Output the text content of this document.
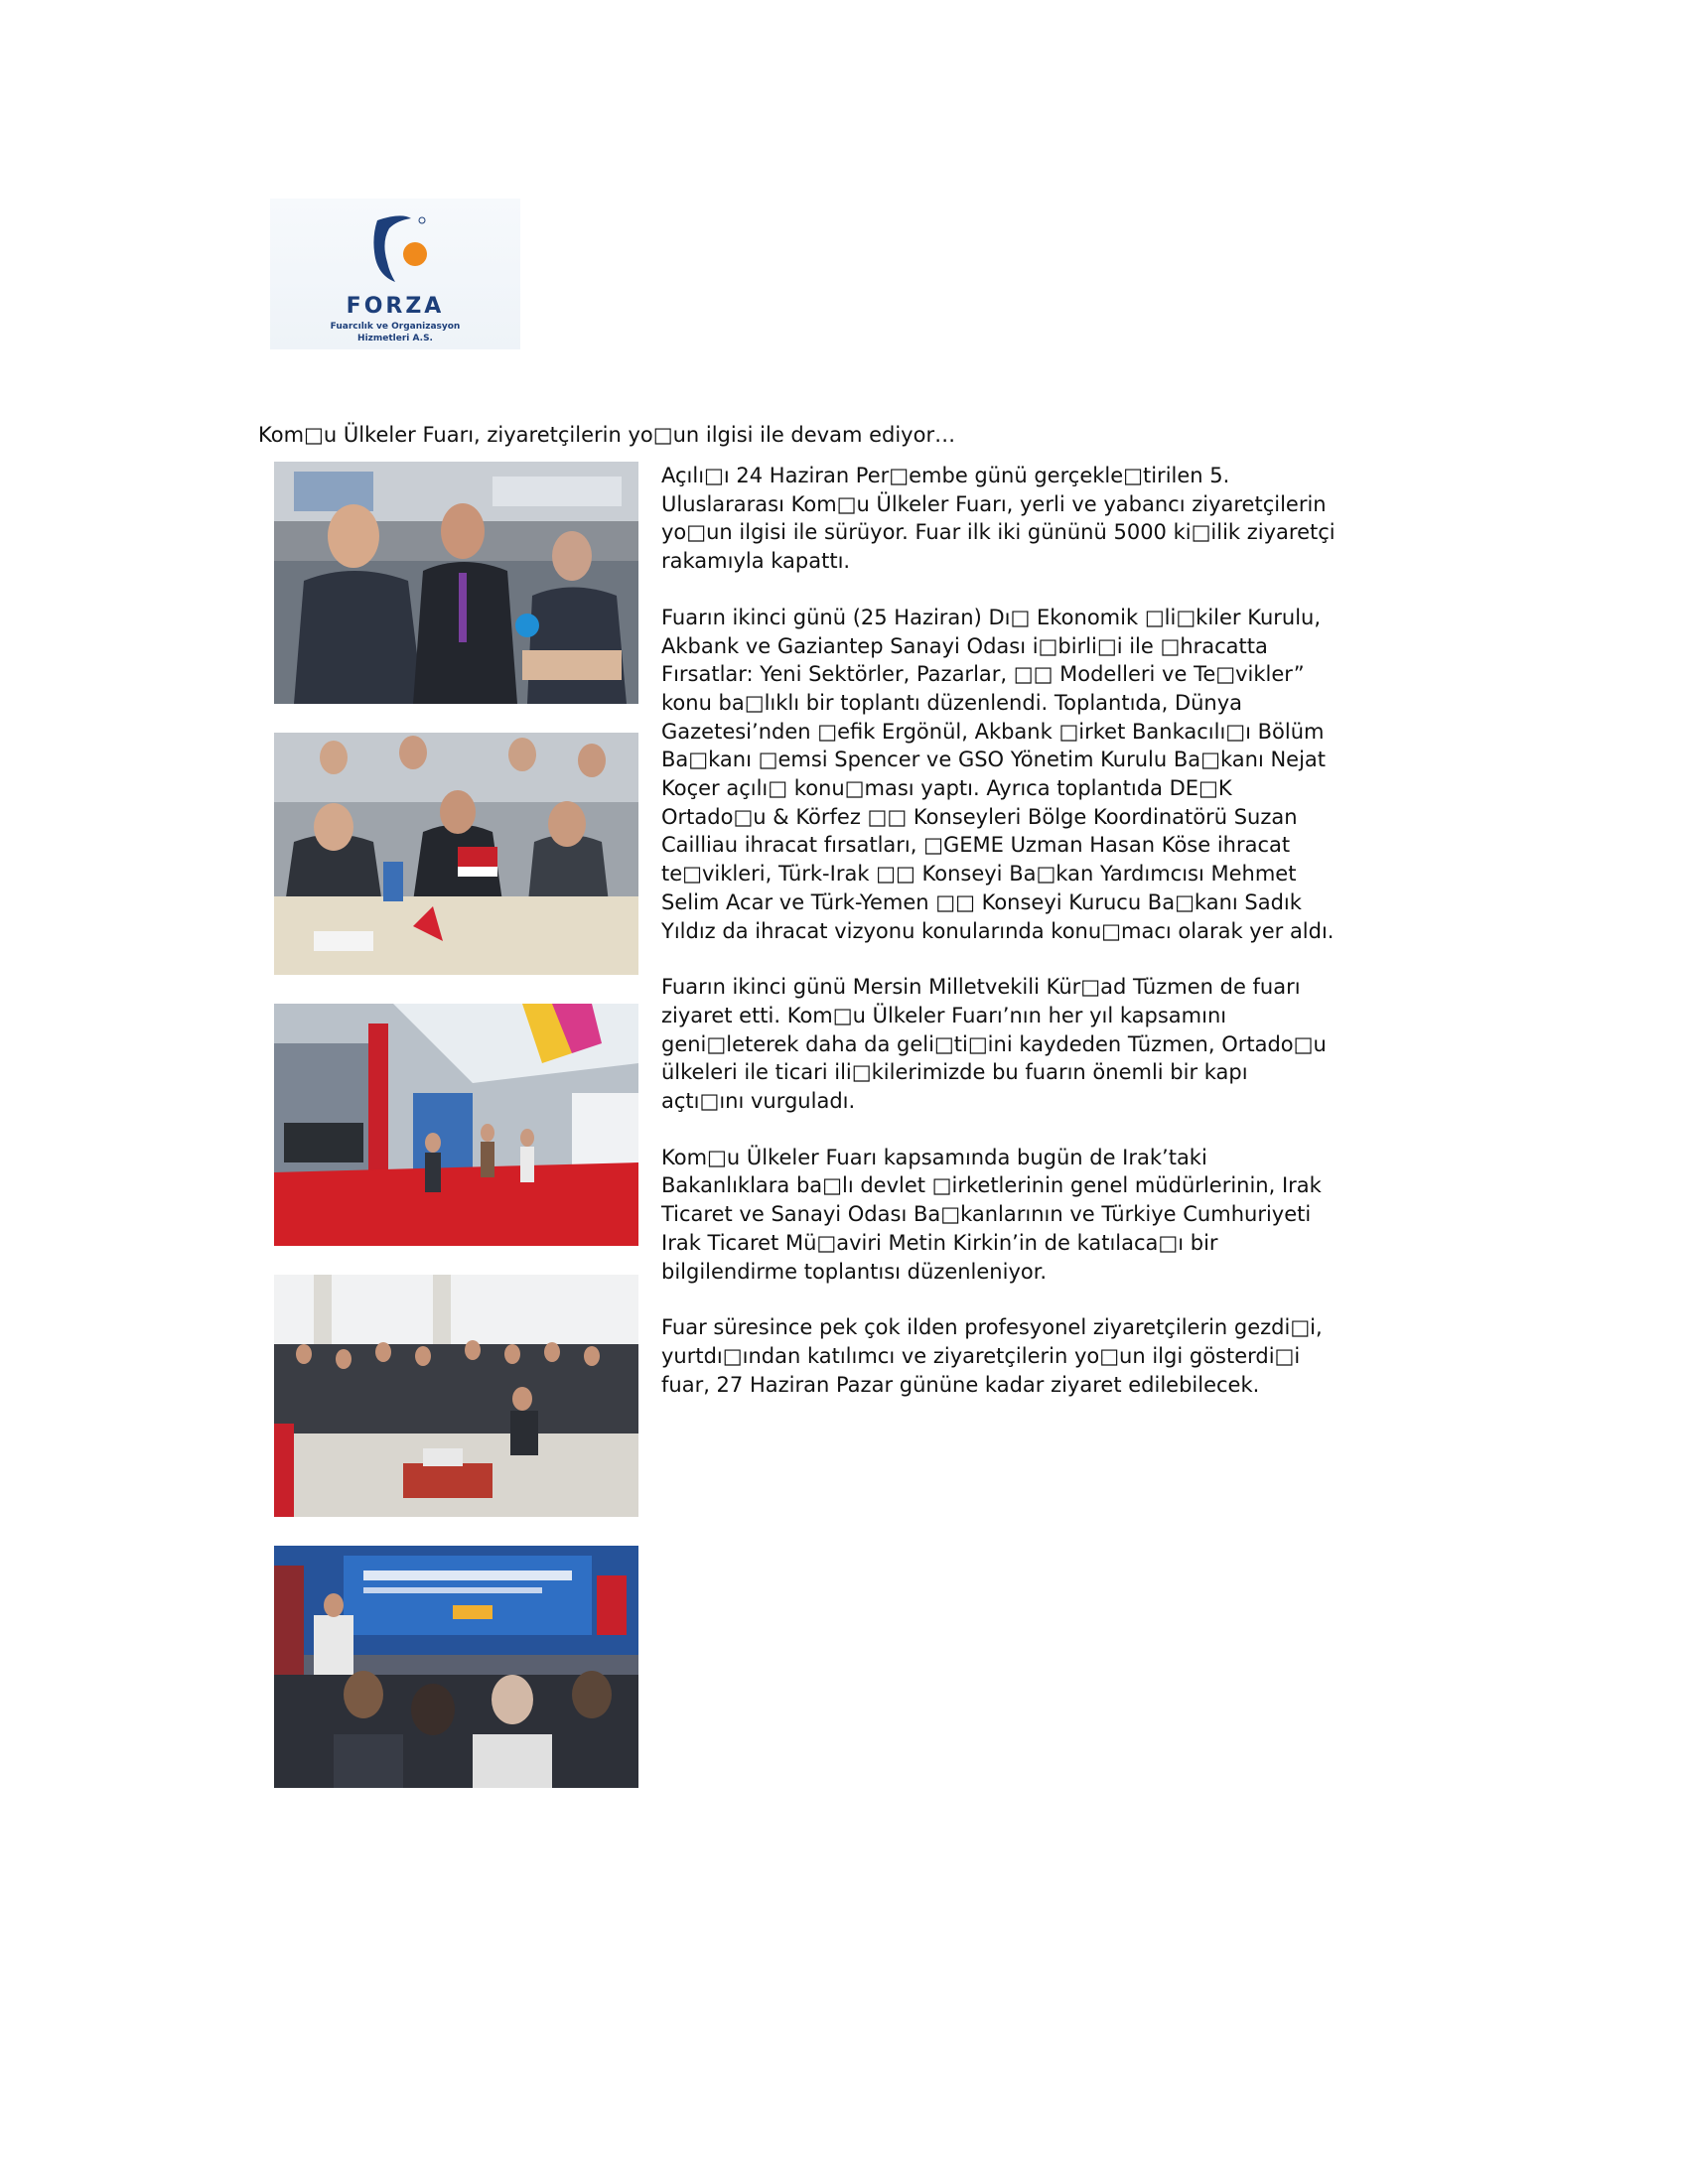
FORZA
Fuarcılık ve Organizasyon
Hizmetleri A.S.
Kom□u Ülkeler Fuarı, ziyaretçilerin yo□un ilgisi ile devam ediyor…

Açılı□ı 24 Haziran Per□embe günü gerçekle□tirilen 5. Uluslararası Kom□u Ülkeler Fuarı, yerli ve yabancı ziyaretçilerin yo□un ilgisi ile sürüyor. Fuar ilk iki gününü 5000 ki□ilik ziyaretçi rakamıyla kapattı.

Fuarın ikinci günü (25 Haziran) Dı□ Ekonomik □li□kiler Kurulu, Akbank ve Gaziantep Sanayi Odası i□birli□i ile □hracatta Fırsatlar: Yeni Sektörler, Pazarlar, □□ Modelleri ve Te□vikler” konu ba□lıklı bir toplantı düzenlendi. Toplantıda, Dünya Gazetesi’nden □efik Ergönül, Akbank □irket Bankacılı□ı Bölüm Ba□kanı □emsi Spencer ve GSO Yönetim Kurulu Ba□kanı Nejat Koçer açılı□ konu□ması yaptı. Ayrıca toplantıda DE□K Ortado□u & Körfez □□ Konseyleri Bölge Koordinatörü Suzan Cailliau ihracat fırsatları, □GEME Uzman Hasan Köse ihracat te□vikleri, Türk-Irak □□ Konseyi Ba□kan Yardımcısı Mehmet Selim Acar ve Türk-Yemen □□ Konseyi Kurucu Ba□kanı Sadık Yıldız da ihracat vizyonu konularında konu□macı olarak yer aldı.

Fuarın ikinci günü Mersin Milletvekili Kür□ad Tüzmen de fuarı ziyaret etti. Kom□u Ülkeler Fuarı’nın her yıl kapsamını geni□leterek daha da geli□ti□ini kaydeden Tüzmen, Ortado□u ülkeleri ile ticari ili□kilerimizde bu fuarın önemli bir kapı açtı□ını vurguladı.

Kom□u Ülkeler Fuarı kapsamında bugün de Irak’taki Bakanlıklara ba□lı devlet □irketlerinin genel müdürlerinin, Irak Ticaret ve Sanayi Odası Ba□kanlarının ve Türkiye Cumhuriyeti Irak Ticaret Mü□aviri Metin Kirkin’in de katılaca□ı bir bilgilendirme toplantısı düzenleniyor.

Fuar süresince pek çok ilden profesyonel ziyaretçilerin gezdi□i, yurtdı□ından katılımcı ve ziyaretçilerin yo□un ilgi gösterdi□i fuar, 27 Haziran Pazar gününe kadar ziyaret edilebilecek.
